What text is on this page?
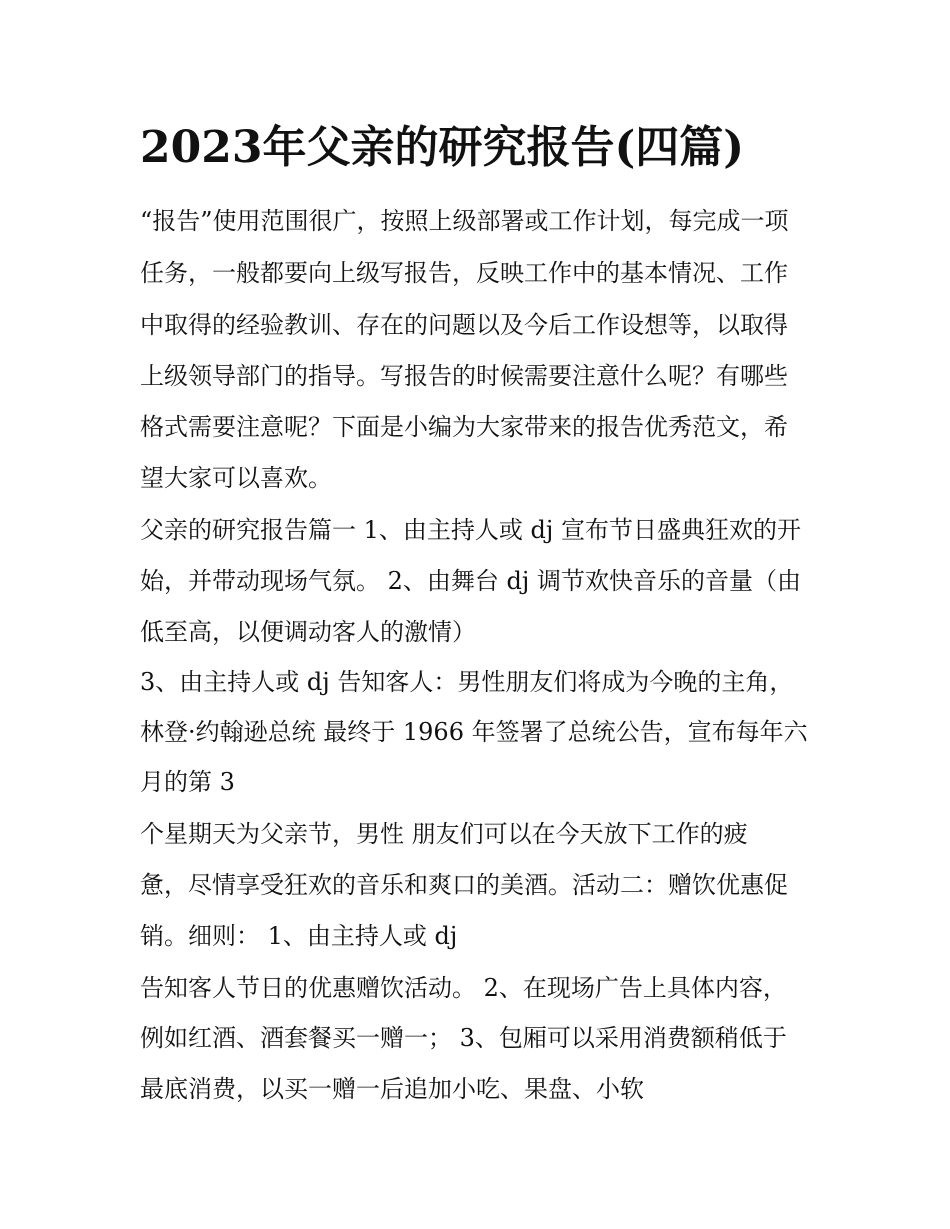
2023年父亲的研究报告(四篇)
“报告”使用范围很广，按照上级部署或工作计划，每完成一项
任务，一般都要向上级写报告，反映工作中的基本情况、工作
中取得的经验教训、存在的问题以及今后工作设想等，以取得
上级领导部门的指导。写报告的时候需要注意什么呢？有哪些
格式需要注意呢？下面是小编为大家带来的报告优秀范文，希
望大家可以喜欢。
父亲的研究报告篇一 1、由主持人或 dj 宣布节日盛典狂欢的开
始，并带动现场气氛。 2、由舞台 dj 调节欢快音乐的音量（由
低至高，以便调动客人的激情）
3、由主持人或 dj 告知客人：男性朋友们将成为今晚的主角，
林登·约翰逊总统 最终于 1966 年签署了总统公告，宣布每年六
月的第 3
个星期天为父亲节，男性 朋友们可以在今天放下工作的疲
惫，尽情享受狂欢的音乐和爽口的美酒。活动二：赠饮优惠促
销。细则： 1、由主持人或 dj
告知客人节日的优惠赠饮活动。 2、在现场广告上具体内容，
例如红酒、酒套餐买一赠一； 3、包厢可以采用消费额稍低于
最底消费，以买一赠一后追加小吃、果盘、小软
